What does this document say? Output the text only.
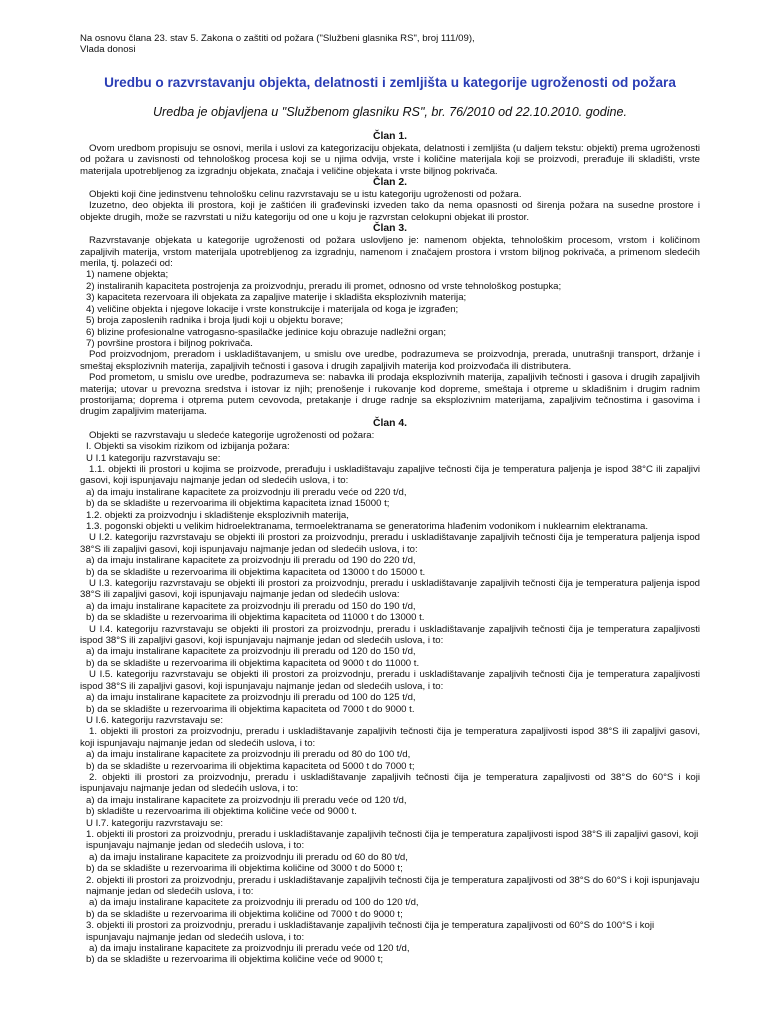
Na osnovu člana 23. stav 5. Zakona o zaštiti od požara ("Službeni glasnika RS", broj 111/09),

Vlada donosi

Uredbu o razvrstavanju objekta, delatnosti i zemljišta u kategorije ugroženosti od požara

Uredba je objavljena u "Službenom glasniku RS", br. 76/2010 od 22.10.2010. godine.

Član 1.

Ovom uredbom propisuju se osnovi, merila i uslovi za kategorizaciju objekata, delatnosti i zemljišta (u daljem tekstu: objekti) prema ugroženosti od požara u zavisnosti od tehnološkog procesa koji se u njima odvija, vrste i količine materijala koji se proizvodi, prerađuje ili skladišti, vrste materijala upotrebljenog za izgradnju objekata, značaja i veličine objekata i vrste biljnog pokrivača.

Član 2.

Objekti koji čine jedinstvenu tehnološku celinu razvrstavaju se u istu kategoriju ugroženosti od požara.

Izuzetno, deo objekta ili prostora, koji je zaštićen ili građevinski izveden tako da nema opasnosti od širenja požara na susedne prostore i objekte drugih, može se razvrstati u nižu kategoriju od one u koju je razvrstan celokupni objekat ili prostor.

Član 3.

Razvrstavanje objekata u kategorije ugroženosti od požara uslovljeno je: namenom objekta, tehnološkim procesom, vrstom i količinom zapaljivih materija, vrstom materijala upotrebljenog za izgradnju, namenom i značajem prostora i vrstom biljnog pokrivača, a primenom sledećih merila, tj. polazeći od:

1) namene objekta;

2) instaliranih kapaciteta postrojenja za proizvodnju, preradu ili promet, odnosno od vrste tehnološkog postupka;

3) kapaciteta rezervoara ili objekata za zapaljive materije i skladišta eksplozivnih materija;

4) veličine objekta i njegove lokacije i vrste konstrukcije i materijala od koga je izgrađen;

5) broja zaposlenih radnika i broja ljudi koji u objektu borave;

6) blizine profesionalne vatrogasno-spasilačke jedinice koju obrazuje nadležni organ;

7) površine prostora i biljnog pokrivača.

Pod proizvodnjom, preradom i uskladištavanjem, u smislu ove uredbe, podrazumeva se proizvodnja, prerada, unutrašnji transport, držanje i smeštaj eksplozivnih materija, zapaljivih tečnosti i gasova i drugih zapaljivih materija kod proizvođača ili distributera.

Pod prometom, u smislu ove uredbe, podrazumeva se: nabavka ili prodaja eksplozivnih materija, zapaljivih tečnosti i gasova i drugih zapaljivih materija; utovar u prevozna sredstva i istovar iz njih; prenošenje i rukovanje kod dopreme, smeštaja i otpreme u skladišnim i drugim radnim prostorijama; doprema i otprema putem cevovoda, pretakanje i druge radnje sa eksplozivnim materijama, zapaljivim tečnostima i gasovima i drugim zapaljivim materijama.

Član 4.

Objekti se razvrstavaju u sledeće kategorije ugroženosti od požara:

I. Objekti sa visokim rizikom od izbijanja požara:

U I.1 kategoriju razvrstavaju se:

1.1. objekti ili prostori u kojima se proizvode, prerađuju i uskladištavaju zapaljive tečnosti čija je temperatura paljenja je ispod 38°C ili zapaljivi gasovi, koji ispunjavaju najmanje jedan od sledećih uslova, i to:

a) da imaju instalirane kapacitete za proizvodnju ili preradu veće od 220 t/d,

b) da se skladište u rezervoarima ili objektima kapaciteta iznad 15000 t;

1.2. objekti za proizvodnju i skladištenje eksplozivnih materija,

1.3. pogonski objekti u velikim hidroelektranama, termoelektranama se generatorima hlađenim vodonikom i nuklearnim elektranama.

U I.2. kategoriju razvrstavaju se objekti ili prostori za proizvodnju, preradu i uskladištavanje zapaljivih tečnosti čija je temperatura paljenja ispod 38°S ili zapaljivi gasovi, koji ispunjavaju najmanje jedan od sledećih uslova, i to:

a) da imaju instalirane kapacitete za proizvodnju ili preradu od 190 do 220 t/d,

b) da se skladište u rezervoarima ili objektima kapaciteta od 13000 t do 15000 t.

U I.3. kategoriju razvrstavaju se objekti ili prostori za proizvodnju, preradu i uskladištavanje zapaljivih tečnosti čija je temperatura paljenja ispod 38°S ili zapaljivi gasovi, koji ispunjavaju najmanje jedan od sledećih uslova:

a) da imaju instalirane kapacitete za proizvodnju ili preradu od 150 do 190 t/d,

b) da se skladište u rezervoarima ili objektima kapaciteta od 11000 t do 13000 t.

U I.4. kategoriju razvrstavaju se objekti ili prostori za proizvodnju, preradu i uskladištavanje zapaljivih tečnosti čija je temperatura zapaljivosti ispod 38°S ili zapaljivi gasovi, koji ispunjavaju najmanje jedan od sledećih uslova, i to:

a) da imaju instalirane kapacitete za proizvodnju ili preradu od 120 do 150 t/d,

b) da se skladište u rezervoarima ili objektima kapaciteta od 9000 t do 11000 t.

U I.5. kategoriju razvrstavaju se objekti ili prostori za proizvodnju, preradu i uskladištavanje zapaljivih tečnosti čija je temperatura zapaljivosti ispod 38°S ili zapaljivi gasovi, koji ispunjavaju najmanje jedan od sledećih uslova, i to:

a) da imaju instalirane kapacitete za proizvodnju ili preradu od 100 do 125 t/d,

b) da se skladište u rezervoarima ili objektima kapaciteta od 7000 t do 9000 t.

U I.6. kategoriju razvrstavaju se:

1. objekti ili prostori za proizvodnju, preradu i uskladištavanje zapaljivih tečnosti čija je temperatura zapaljivosti ispod 38°S ili zapaljivi gasovi, koji ispunjavaju najmanje jedan od sledećih uslova, i to:

a) da imaju instalirane kapacitete za proizvodnju ili preradu od 80 do 100 t/d,

b) da se skladište u rezervoarima ili objektima kapaciteta od 5000 t do 7000 t;

2. objekti ili prostori za proizvodnju, preradu i uskladištavanje zapaljivih tečnosti čija je temperatura zapaljivosti od 38°S do 60°S i koji ispunjavaju najmanje jedan od sledećih uslova, i to:

a) da imaju instalirane kapacitete za proizvodnju ili preradu veće od 120 t/d,

b) skladište u rezervoarima ili objektima količine veće od 9000 t.

U I.7. kategoriju razvrstavaju se:

1. objekti ili prostori za proizvodnju, preradu i uskladištavanje zapaljivih tečnosti čija je temperatura zapaljivosti ispod 38°S ili zapaljivi gasovi, koji ispunjavaju najmanje jedan od sledećih uslova, i to:

a) da imaju instalirane kapacitete za proizvodnju ili preradu od 60 do 80 t/d,

b) da se skladište u rezervoarima ili objektima količine od 3000 t do 5000 t;

2. objekti ili prostori za proizvodnju, preradu i uskladištavanje zapaljivih tečnosti čija je temperatura zapaljivosti od 38°S do 60°S i koji ispunjavaju najmanje jedan od sledećih uslova, i to:

a) da imaju instalirane kapacitete za proizvodnju ili preradu od 100 do 120 t/d,

b) da se skladište u rezervoarima ili objektima količine od 7000 t do 9000 t;

3. objekti ili prostori za proizvodnju, preradu i uskladištavanje zapaljivih tečnosti čija je temperatura zapaljivosti od 60°S do 100°S i koji ispunjavaju najmanje jedan od sledećih uslova, i to:

a) da imaju instalirane kapacitete za proizvodnju ili preradu veće od 120 t/d,

b) da se skladište u rezervoarima ili objektima količine veće od 9000 t;
